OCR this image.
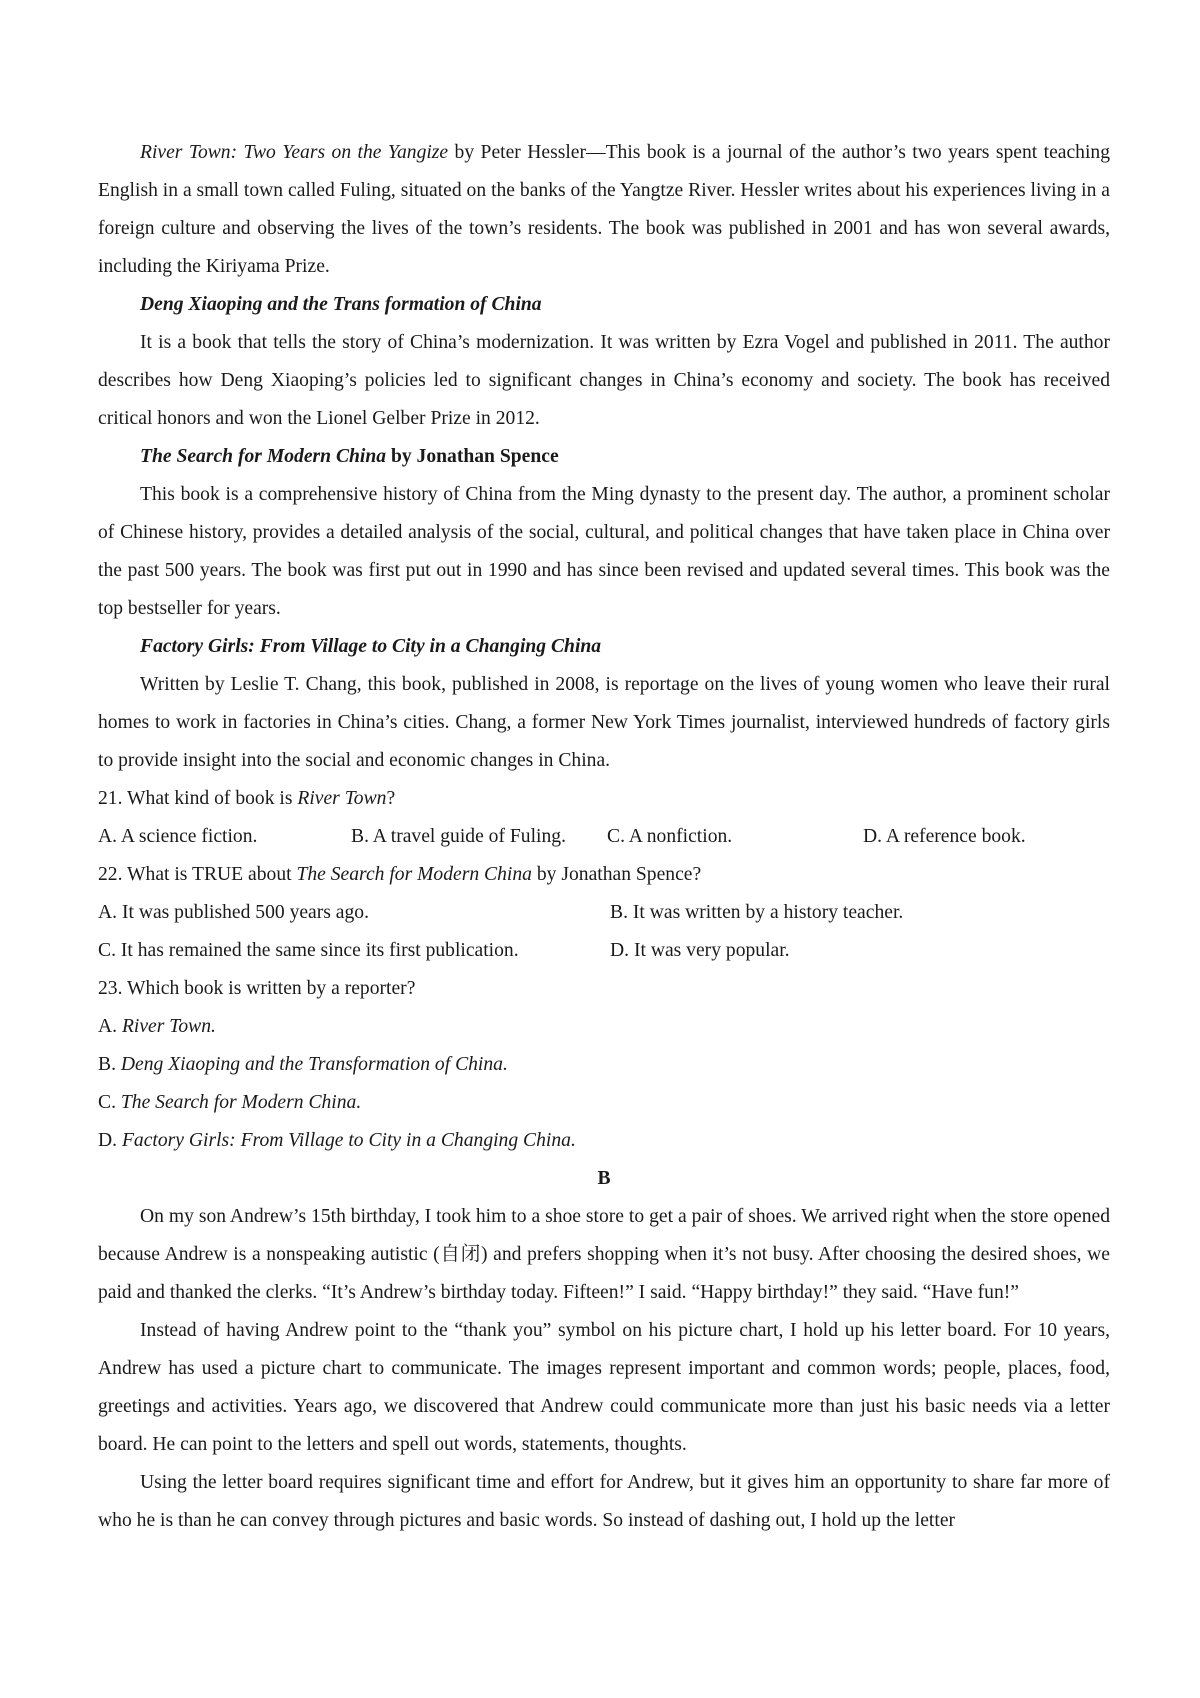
River Town: Two Years on the Yangize by Peter Hessler—This book is a journal of the author’s two years spent teaching English in a small town called Fuling, situated on the banks of the Yangtze River. Hessler writes about his experiences living in a foreign culture and observing the lives of the town’s residents. The book was published in 2001 and has won several awards, including the Kiriyama Prize.

Deng Xiaoping and the Trans formation of China

It is a book that tells the story of China’s modernization. It was written by Ezra Vogel and published in 2011. The author describes how Deng Xiaoping’s policies led to significant changes in China’s economy and society. The book has received critical honors and won the Lionel Gelber Prize in 2012.

The Search for Modern China by Jonathan Spence

This book is a comprehensive history of China from the Ming dynasty to the present day. The author, a prominent scholar of Chinese history, provides a detailed analysis of the social, cultural, and political changes that have taken place in China over the past 500 years. The book was first put out in 1990 and has since been revised and updated several times. This book was the top bestseller for years.

Factory Girls: From Village to City in a Changing China

Written by Leslie T. Chang, this book, published in 2008, is reportage on the lives of young women who leave their rural homes to work in factories in China’s cities. Chang, a former New York Times journalist, interviewed hundreds of factory girls to provide insight into the social and economic changes in China.

21. What kind of book is River Town?

A. A science fiction.	B. A travel guide of Fuling.	C. A nonfiction.	D. A reference book.

22. What is TRUE about The Search for Modern China by Jonathan Spence?

A. It was published 500 years ago.	B. It was written by a history teacher.
C. It has remained the same since its first publication.	D. It was very popular.

23. Which book is written by a reporter?

A. River Town.

B. Deng Xiaoping and the Transformation of China.

C. The Search for Modern China.

D. Factory Girls: From Village to City in a Changing China.

B

On my son Andrew’s 15th birthday, I took him to a shoe store to get a pair of shoes. We arrived right when the store opened because Andrew is a nonspeaking autistic (自闭) and prefers shopping when it’s not busy. After choosing the desired shoes, we paid and thanked the clerks. “It’s Andrew’s birthday today. Fifteen!” I said. “Happy birthday!” they said. “Have fun!”

Instead of having Andrew point to the “thank you” symbol on his picture chart, I hold up his letter board. For 10 years, Andrew has used a picture chart to communicate. The images represent important and common words; people, places, food, greetings and activities. Years ago, we discovered that Andrew could communicate more than just his basic needs via a letter board. He can point to the letters and spell out words, statements, thoughts.

Using the letter board requires significant time and effort for Andrew, but it gives him an opportunity to share far more of who he is than he can convey through pictures and basic words. So instead of dashing out, I hold up the letter
